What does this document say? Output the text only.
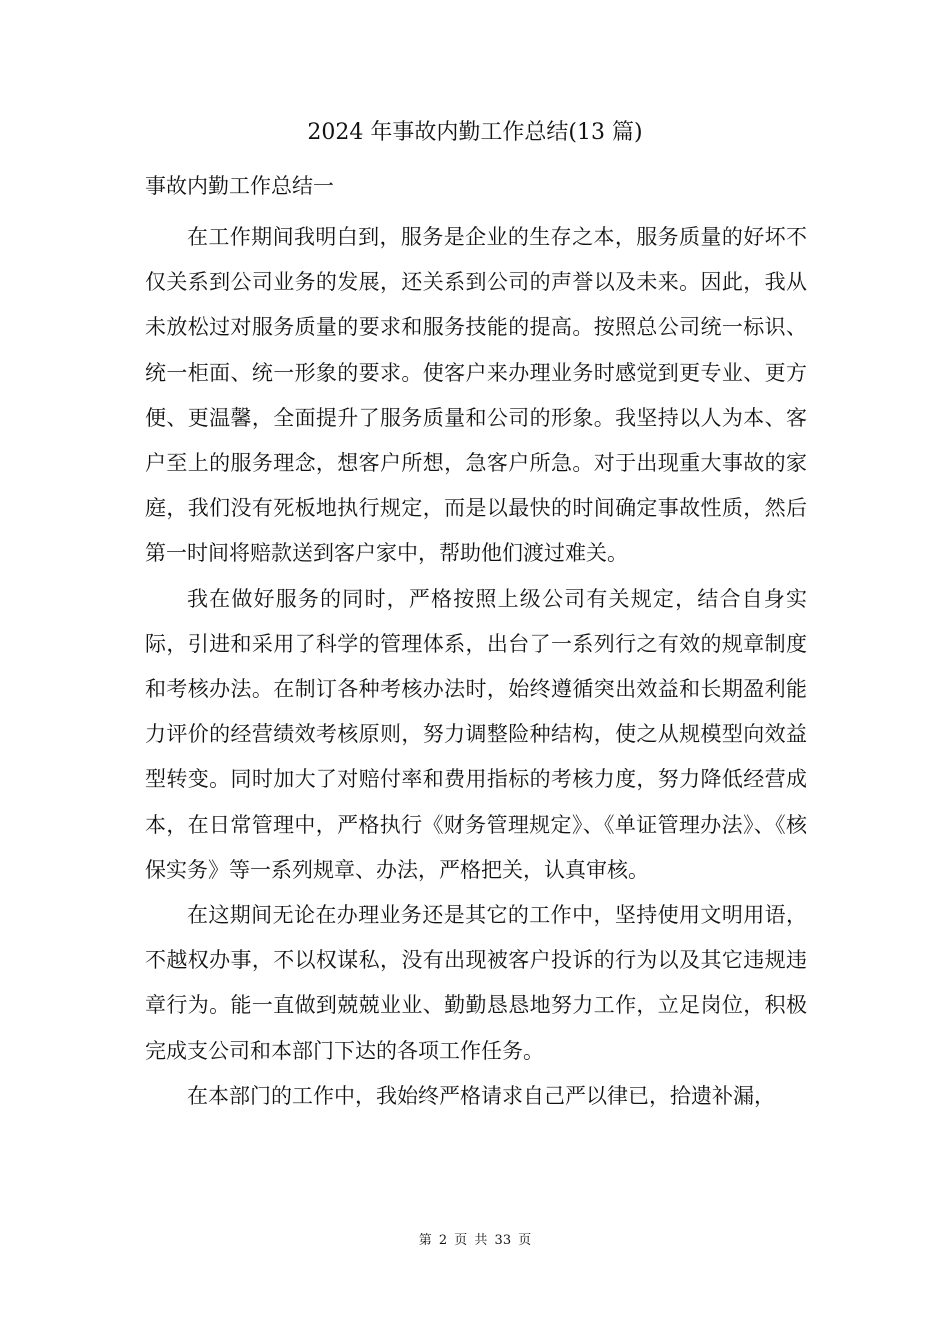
2024 年事故内勤工作总结(13 篇)
事故内勤工作总结一

在工作期间我明白到，服务是企业的生存之本，服务质量的好坏不仅关系到公司业务的发展，还关系到公司的声誉以及未来。因此，我从未放松过对服务质量的要求和服务技能的提高。按照总公司统一标识、统一柜面、统一形象的要求。使客户来办理业务时感觉到更专业、更方便、更温馨，全面提升了服务质量和公司的形象。我坚持以人为本、客户至上的服务理念，想客户所想，急客户所急。对于出现重大事故的家庭，我们没有死板地执行规定，而是以最快的时间确定事故性质，然后第一时间将赔款送到客户家中，帮助他们渡过难关。

我在做好服务的同时，严格按照上级公司有关规定，结合自身实际，引进和采用了科学的管理体系，出台了一系列行之有效的规章制度和考核办法。在制订各种考核办法时，始终遵循突出效益和长期盈利能力评价的经营绩效考核原则，努力调整险种结构，使之从规模型向效益型转变。同时加大了对赔付率和费用指标的考核力度，努力降低经营成本，在日常管理中，严格执行《财务管理规定》、《单证管理办法》、《核保实务》等一系列规章、办法，严格把关，认真审核。

在这期间无论在办理业务还是其它的工作中，坚持使用文明用语，不越权办事，不以权谋私，没有出现被客户投诉的行为以及其它违规违章行为。能一直做到兢兢业业、勤勤恳恳地努力工作，立足岗位，积极完成支公司和本部门下达的各项工作任务。

在本部门的工作中，我始终严格请求自己严以律已，拾遗补漏，

第 2 页 共 33 页
